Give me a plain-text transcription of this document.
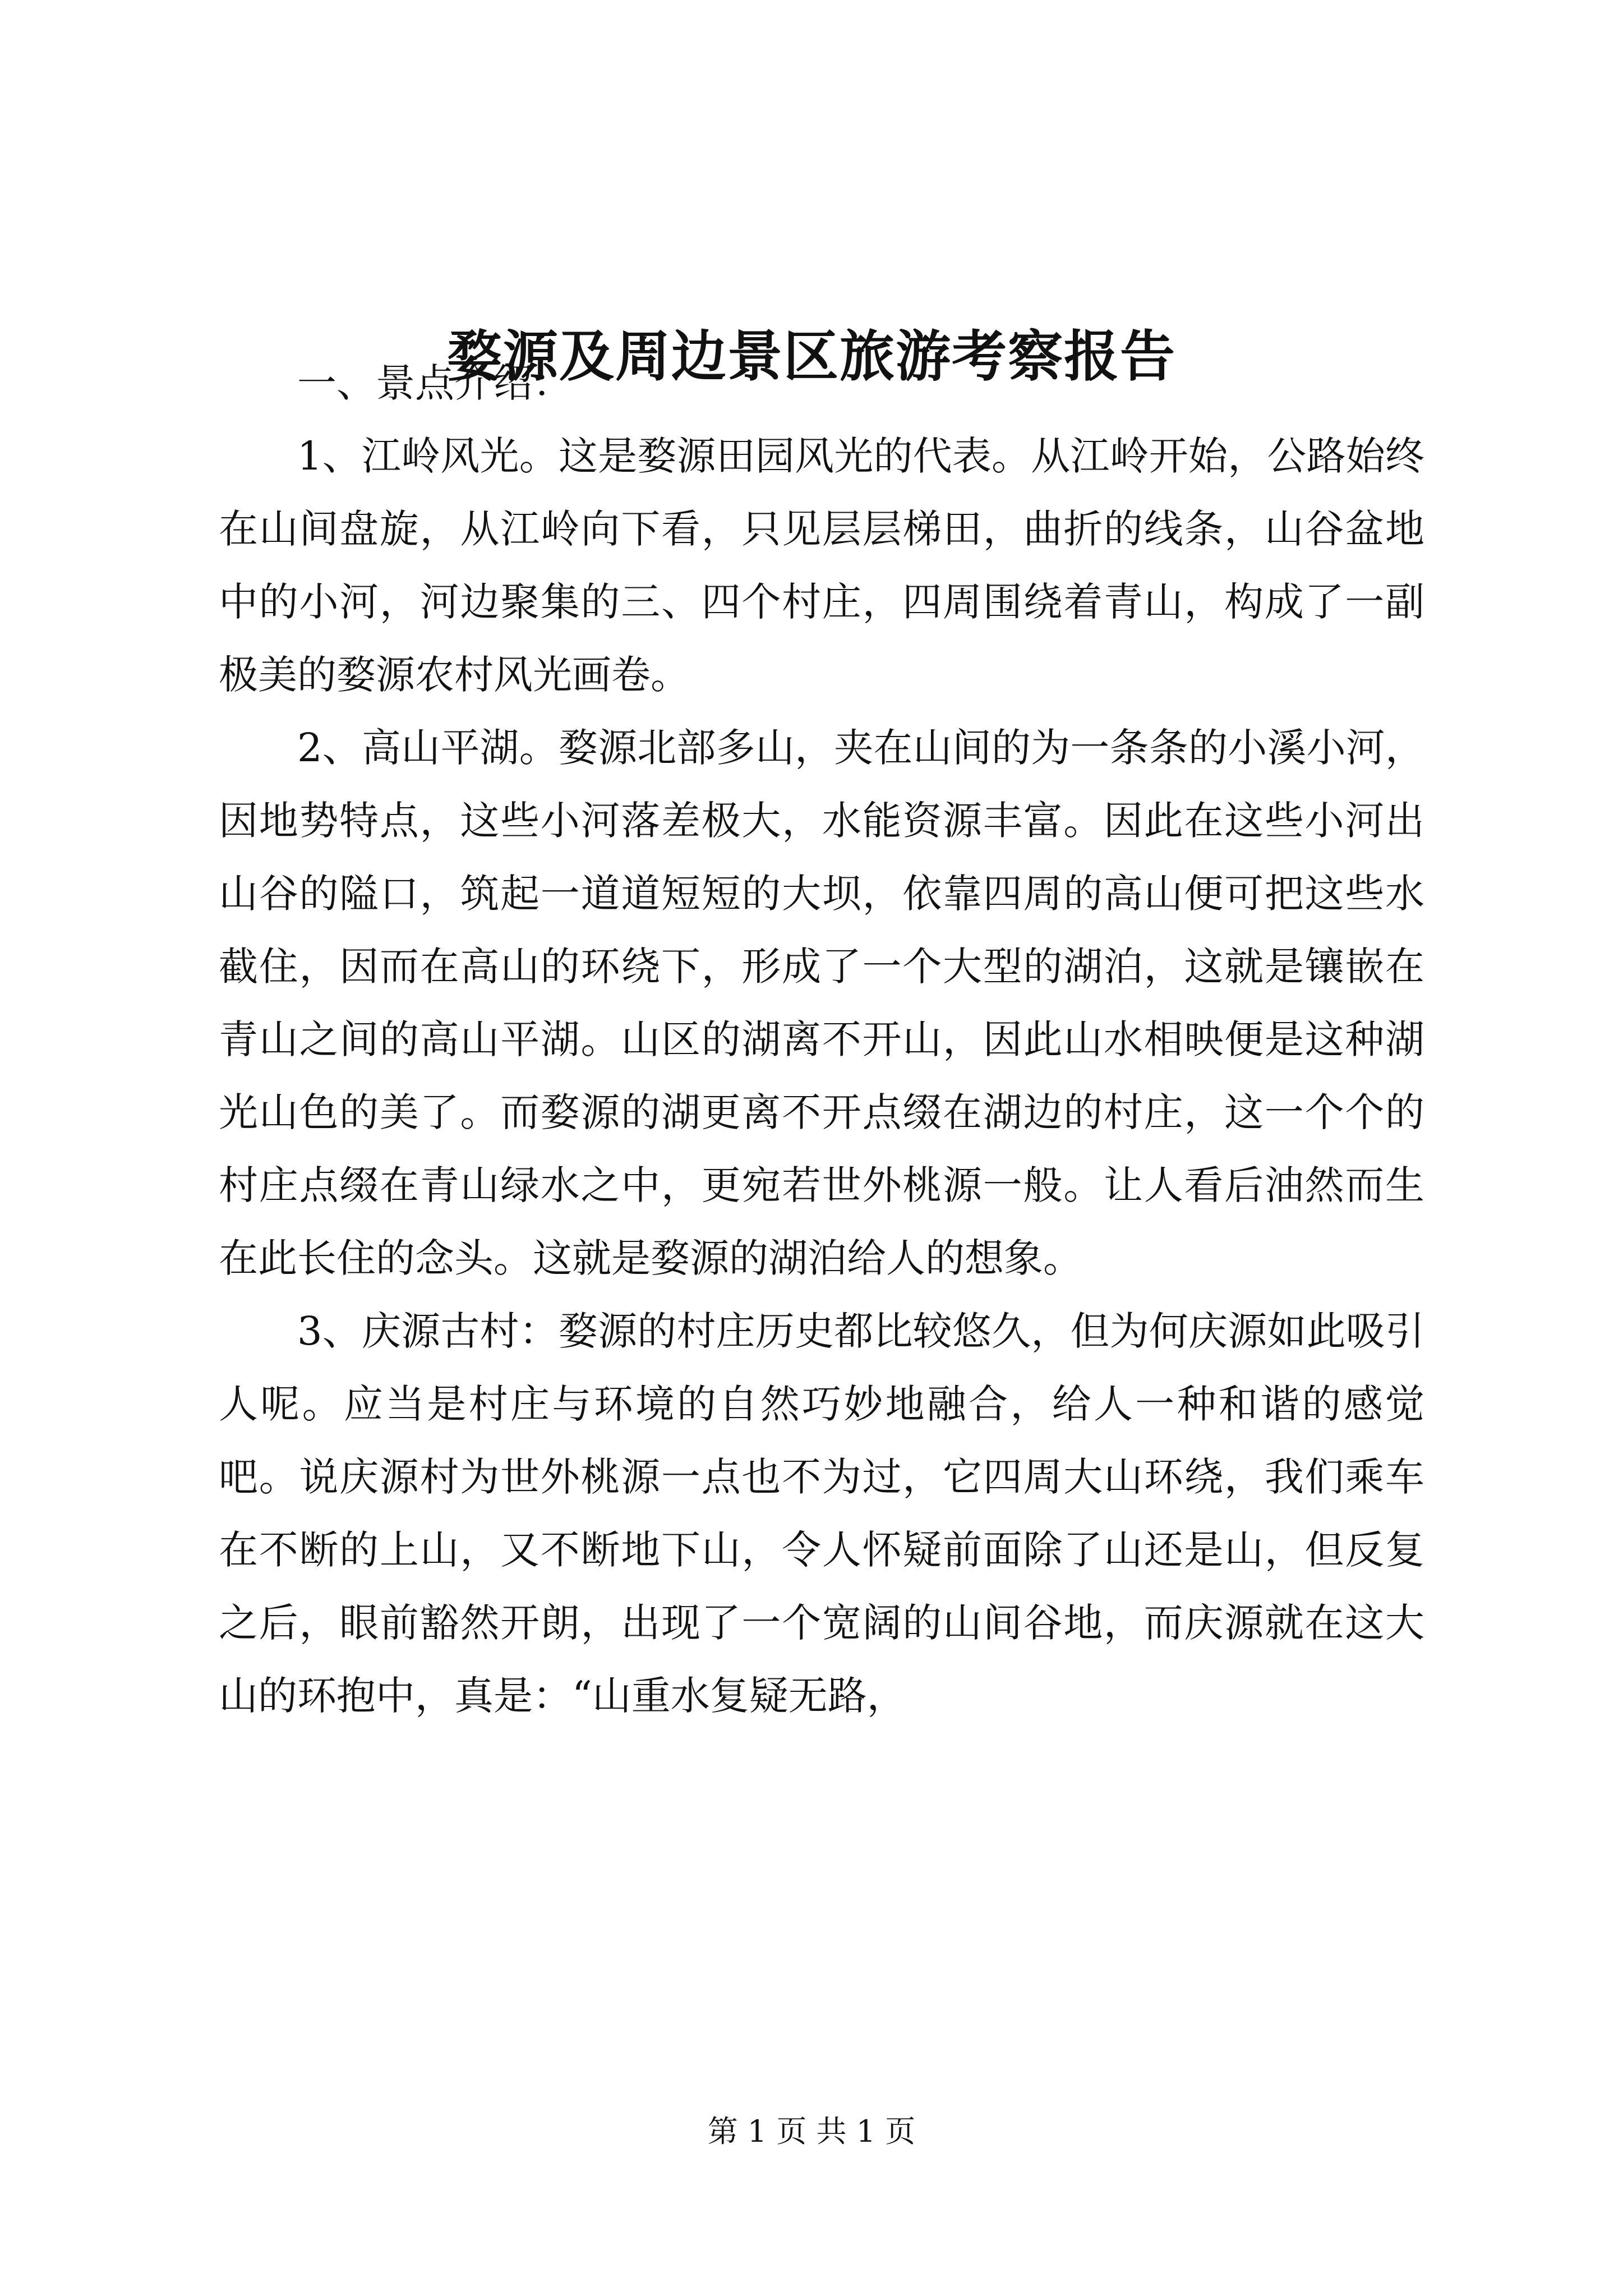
婺源及周边景区旅游考察报告

一、景点介绍：

1、江岭风光。这是婺源田园风光的代表。从江岭开始，公路始终在山间盘旋，从江岭向下看，只见层层梯田，曲折的线条，山谷盆地中的小河，河边聚集的三、四个村庄，四周围绕着青山，构成了一副极美的婺源农村风光画卷。

2、高山平湖。婺源北部多山，夹在山间的为一条条的小溪小河，因地势特点，这些小河落差极大，水能资源丰富。因此在这些小河出山谷的隘口，筑起一道道短短的大坝，依靠四周的高山便可把这些水截住，因而在高山的环绕下，形成了一个大型的湖泊，这就是镶嵌在青山之间的高山平湖。山区的湖离不开山，因此山水相映便是这种湖光山色的美了。而婺源的湖更离不开点缀在湖边的村庄，这一个个的村庄点缀在青山绿水之中，更宛若世外桃源一般。让人看后油然而生在此长住的念头。这就是婺源的湖泊给人的想象。

3、庆源古村：婺源的村庄历史都比较悠久，但为何庆源如此吸引人呢。应当是村庄与环境的自然巧妙地融合，给人一种和谐的感觉吧。说庆源村为世外桃源一点也不为过，它四周大山环绕，我们乘车在不断的上山，又不断地下山，令人怀疑前面除了山还是山，但反复之后，眼前豁然开朗，出现了一个宽阔的山间谷地，而庆源就在这大山的环抱中，真是：“山重水复疑无路，

第 1 页 共 1 页
